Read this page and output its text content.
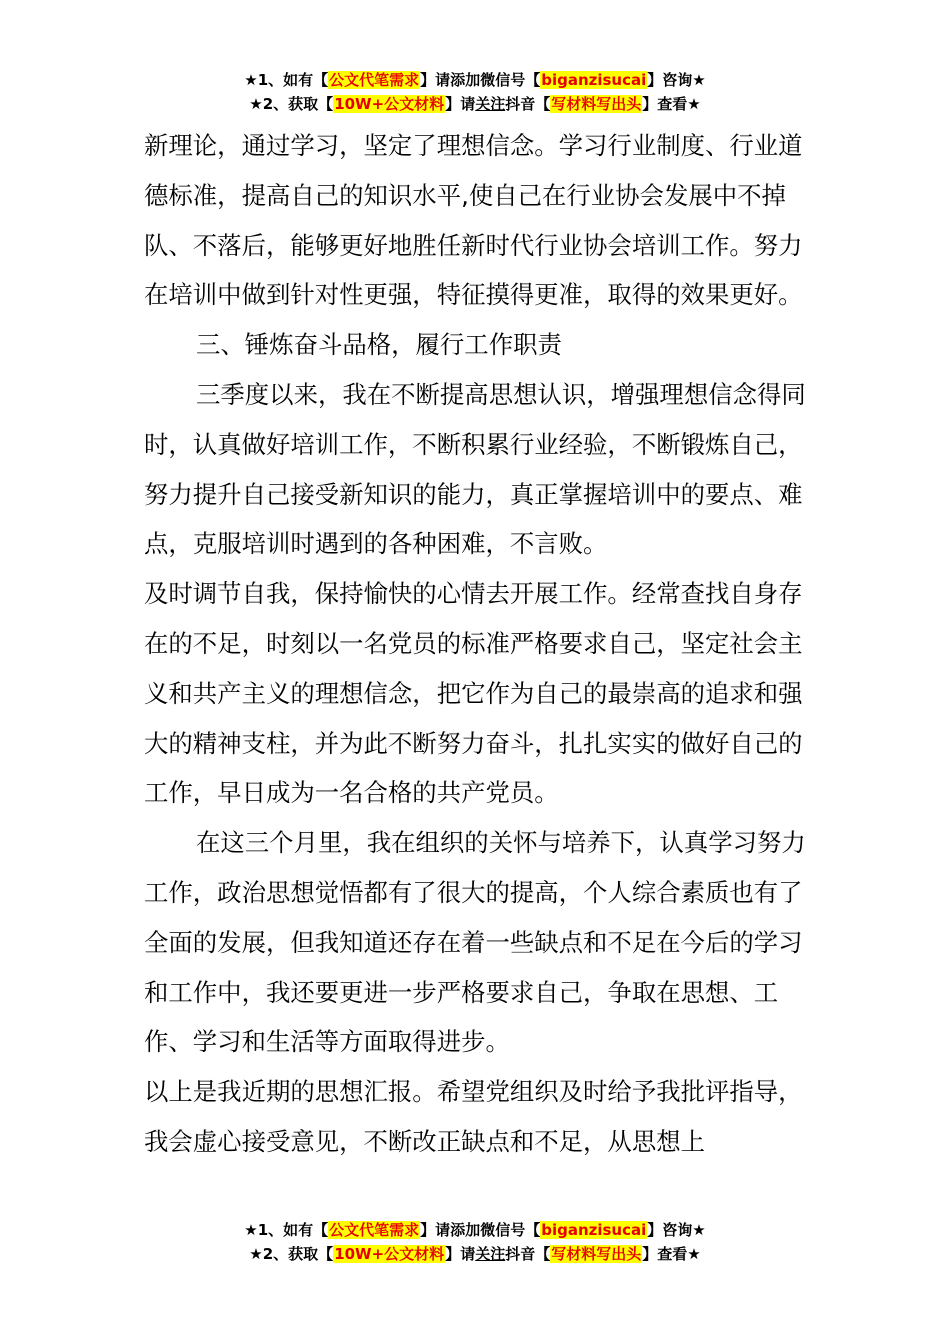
★1、如有【公文代笔需求】请添加微信号【biganzisucai】咨询★
★2、获取【10W+公文材料】请关注抖音【写材料写出头】查看★

新理论，通过学习，坚定了理想信念。学习行业制度、行业道德标准，提高自己的知识水平,使自己在行业协会发展中不掉队、不落后，能够更好地胜任新时代行业协会培训工作。努力在培训中做到针对性更强，特征摸得更准，取得的效果更好。

三、锤炼奋斗品格，履行工作职责

三季度以来，我在不断提高思想认识，增强理想信念得同时，认真做好培训工作，不断积累行业经验，不断锻炼自己，努力提升自己接受新知识的能力，真正掌握培训中的要点、难点，克服培训时遇到的各种困难，不言败。

及时调节自我，保持愉快的心情去开展工作。经常查找自身存在的不足，时刻以一名党员的标准严格要求自己，坚定社会主义和共产主义的理想信念，把它作为自己的最崇高的追求和强大的精神支柱，并为此不断努力奋斗，扎扎实实的做好自己的工作，早日成为一名合格的共产党员。

在这三个月里，我在组织的关怀与培养下，认真学习努力工作，政治思想觉悟都有了很大的提高，个人综合素质也有了全面的发展，但我知道还存在着一些缺点和不足在今后的学习和工作中，我还要更进一步严格要求自己，争取在思想、工作、学习和生活等方面取得进步。

以上是我近期的思想汇报。希望党组织及时给予我批评指导，我会虚心接受意见，不断改正缺点和不足，从思想上

★1、如有【公文代笔需求】请添加微信号【biganzisucai】咨询★
★2、获取【10W+公文材料】请关注抖音【写材料写出头】查看★
